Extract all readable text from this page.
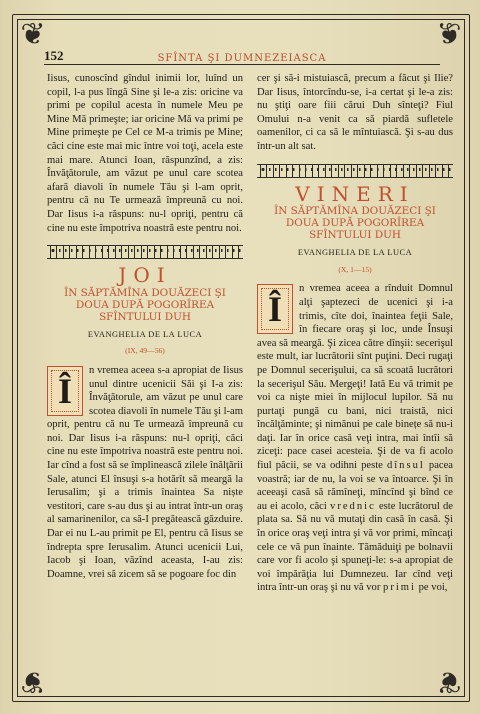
❦	❦
❦	❦
152	SFÎNTA ŞI DUMNEZEIASCA

Iisus, cunoscînd gîndul inimii lor, luînd un copil, l-a pus lîngă Sine şi le-a zis: oricine va primi pe copilul acesta în numele Meu pe Mine Mă primeşte; iar oricine Mă va primi pe Mine primeşte pe Cel ce M-a trimis pe Mine; căci cine este mai mic între voi toţi, acela este mai mare. Atunci Ioan, răspunzînd, a zis: Învăţătorule, am văzut pe unul care scotea afară diavoli în numele Tău şi l-am oprit, pentru că nu Te urmează împreună cu noi. Dar Iisus i-a răspuns: nu-l opriţi, pentru că cine nu este împotriva noastră este pentru noi.

JOI
ÎN SĂPTĂMÎNA DOUĂZECI ŞI DOUA DUPĂ POGORÎREA SFÎNTULUI DUH
EVANGHELIA DE LA LUCA
(IX, 49—56)

Î
n vremea aceea s-a apropiat de Iisus unul dintre ucenicii Săi şi I-a zis: Învăţătorule, am văzut pe unul care scotea diavoli în numele Tău şi l-am oprit, pentru că nu Te urmează împreună cu noi. Dar Iisus i-a răspuns: nu-l opriţi, căci cine nu este împotriva noastră este pentru noi. Iar cînd a fost să se împlinească zilele înălţării Sale, atunci El însuşi s-a hotărît să meargă la Ierusalim; şi a trimis înaintea Sa niște vestitori, care s-au dus şi au intrat într-un oraş al samarinenilor, ca să-I pregătească găzduire. Dar ei nu L-au primit pe El, pentru că Iisus se îndrepta spre Ierusalim. Atunci ucenicii Lui, Iacob şi Ioan, văzînd aceasta, I-au zis: Doamne, vrei să zicem să se pogoare foc din

cer şi să-i mistuiască, precum a făcut şi Ilie? Dar Iisus, întorcîndu-se, i-a certat şi le-a zis: nu ştiţi oare fiii cărui Duh sînteţi? Fiul Omului n-a venit ca să piardă sufletele oamenilor, ci ca să le mîntuiască. Şi s-au dus într-un alt sat.

VINERI
ÎN SĂPTĂMÎNA DOUĂZECI ŞI DOUA DUPĂ POGORÎREA SFÎNTULUI DUH
EVANGHELIA DE LA LUCA
(X, 1—15)

Î
n vremea aceea a rînduit Domnul alţi şaptezeci de ucenici şi i-a trimis, cîte doi, înaintea feţii Sale, în fiecare oraş şi loc, unde Însuşi avea să meargă. Şi zicea către dînşii: secerişul este mult, iar lucrătorii sînt puţini. Deci rugaţi pe Domnul secerişului, ca să scoată lucrători la secerişul Său. Mergeţi! Iată Eu vă trimit pe voi ca nişte miei în mijlocul lupilor. Să nu purtaţi pungă cu bani, nici traistă, nici încălţăminte; şi nimănui pe cale binețe să nu-i daţi. Iar în orice casă veţi intra, mai întîi să ziceţi: pace casei acesteia. Şi de va fi acolo fiul păcii, se va odihni peste dînsul pacea voastră; iar de nu, la voi se va întoarce. Şi în aceeaşi casă să rămîneţi, mîncînd şi bînd ce au ei acolo, căci vrednic este lucrătorul de plata sa. Să nu vă mutaţi din casă în casă. Şi în orice oraş veţi intra şi vă vor primi, mîncaţi cele ce vă pun înainte. Tămăduiţi pe bolnavii care vor fi acolo şi spuneţi-le: s-a apropiat de voi împărăţia lui Dumnezeu. Iar cînd veţi intra într-un oraş şi nu vă vor primi pe voi,
